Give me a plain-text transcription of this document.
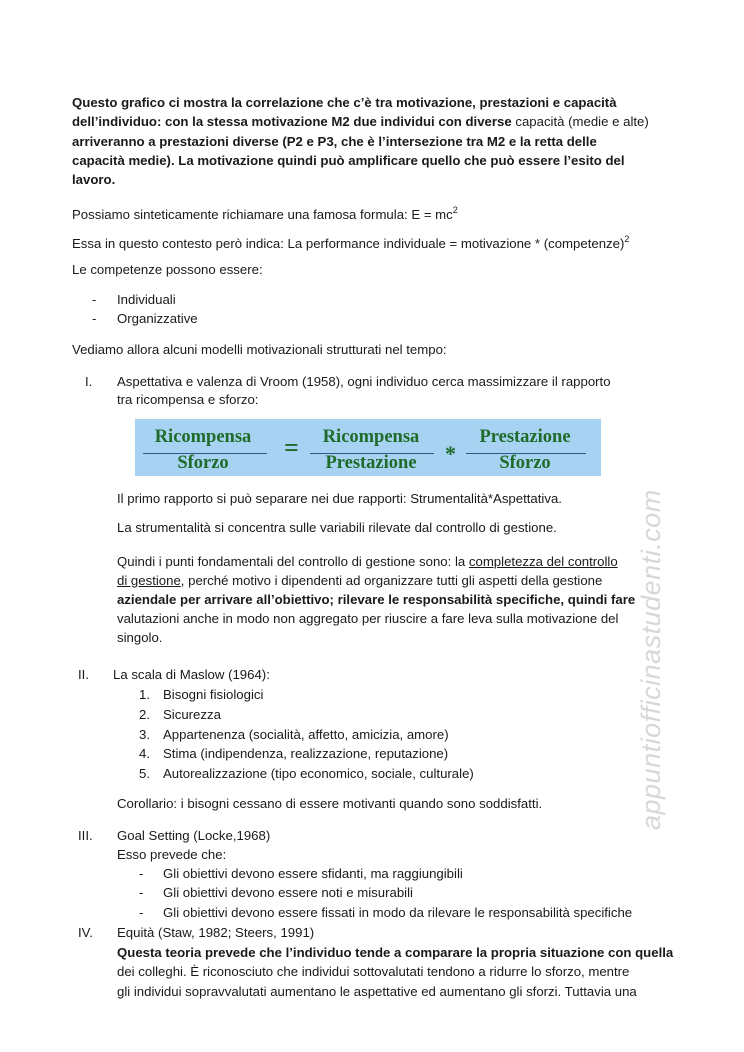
Questo grafico ci mostra la correlazione che c’è tra motivazione, prestazioni e capacità
dell’individuo: con la stessa motivazione M2 due individui con diverse capacità (medie e alte)
arriveranno a prestazioni diverse (P2 e P3, che è l’intersezione tra M2 e la retta delle
capacità medie). La motivazione quindi può amplificare quello che può essere l’esito del
lavoro.
Possiamo sinteticamente richiamare una famosa formula: $E = mc^2$
Essa in questo contesto però indica: La performance individuale = motivazione * (competenze)$^2$
Le competenze possono essere:
- Individuali
- Organizzative
Vediamo allora alcuni modelli motivazionali strutturati nel tempo:
I. Aspettativa e valenza di Vroom (1958), ogni individuo cerca massimizzare il rapporto
tra ricompensa e sforzo:
Ricompensa
Sforzo
=	Ricompensa
Prestazione	*
Prestazione
Sforzo
Il primo rapporto si può separare nei due rapporti: Strumentalità*Aspettativa.
La strumentalità si concentra sulle variabili rilevate dal controllo di gestione.
Quindi i punti fondamentali del controllo di gestione sono: la completezza del controllo
di gestione, perché motivo i dipendenti ad organizzare tutti gli aspetti della gestione
aziendale per arrivare all’obiettivo; rilevare le responsabilità specifiche, quindi fare
valutazioni anche in modo non aggregato per riuscire a fare leva sulla motivazione del
singolo.
II. La scala di Maslow (1964):
1. Bisogni fisiologici
2. Sicurezza
3. Appartenenza (socialità, affetto, amicizia, amore)
4. Stima (indipendenza, realizzazione, reputazione)
5. Autorealizzazione (tipo economico, sociale, culturale)
Corollario: i bisogni cessano di essere motivanti quando sono soddisfatti.
III. Goal Setting (Locke,1968)
Esso prevede che:
- Gli obiettivi devono essere sfidanti, ma raggiungibili
- Gli obiettivi devono essere noti e misurabili
- Gli obiettivi devono essere fissati in modo da rilevare le responsabilità specifiche
IV. Equità (Staw, 1982; Steers, 1991)
Questa teoria prevede che l’individuo tende a comparare la propria situazione con quella
dei colleghi. È riconosciuto che individui sottovalutati tendono a ridurre lo sforzo, mentre
gli individui sopravvalutati aumentano le aspettative ed aumentano gli sforzi. Tuttavia una
appuntiofficinastudenti.com
